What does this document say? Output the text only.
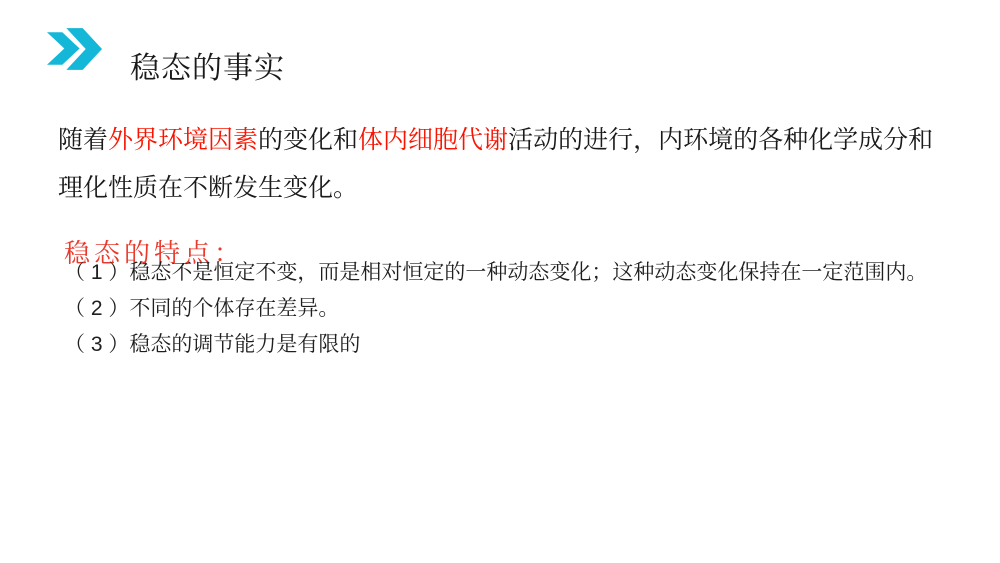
稳态的事实

随着外界环境因素的变化和体内细胞代谢活动的进行，内环境的各种化学成分和

理化性质在不断发生变化。

稳态的特点：
（ 1 ）稳态不是恒定不变，而是相对恒定的一种动态变化；这种动态变化保持在一定范围内。
（ 2 ）不同的个体存在差异。
（ 3 ）稳态的调节能力是有限的
